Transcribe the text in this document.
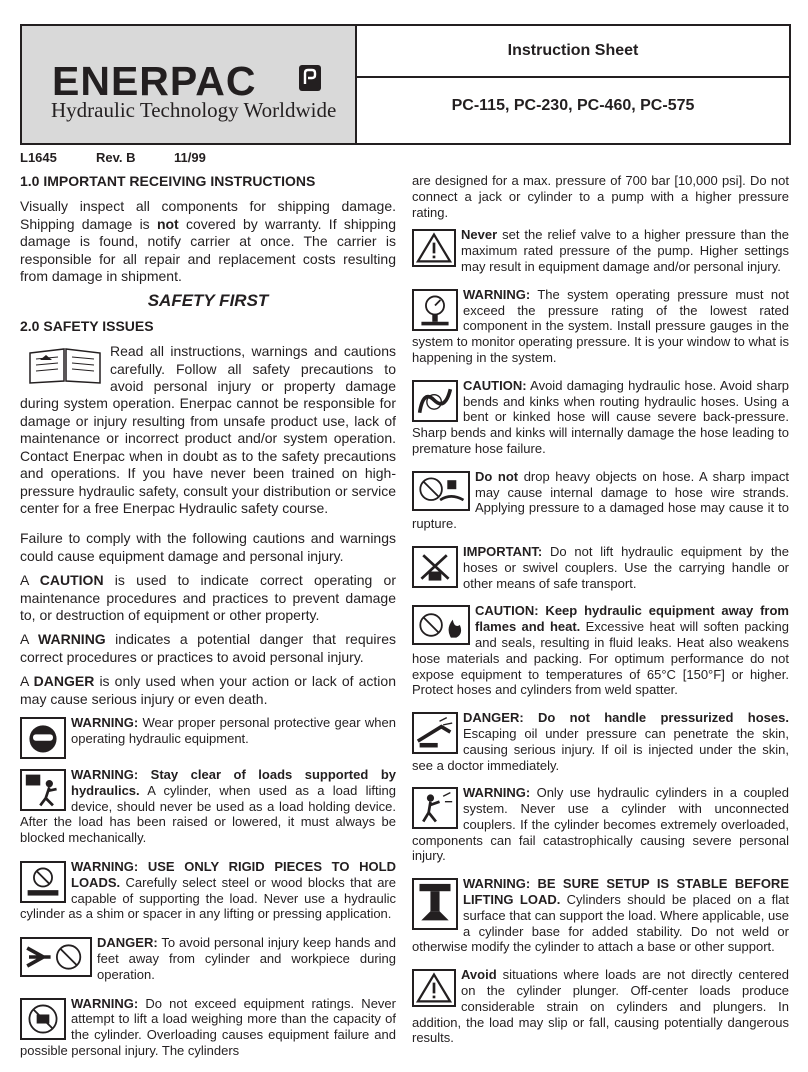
ENERPAC
Hydraulic Technology Worldwide
Instruction Sheet
PC-115, PC-230, PC-460, PC-575
L1645	Rev. B	11/99
1.0 IMPORTANT RECEIVING INSTRUCTIONS

Visually inspect all components for shipping damage. Shipping damage is not covered by warranty. If shipping damage is found, notify carrier at once. The carrier is responsible for all repair and replacement costs resulting from damage in shipment.

SAFETY FIRST
2.0 SAFETY ISSUES

Read all instructions, warnings and cautions carefully. Follow all safety precautions to avoid personal injury or property damage during system operation. Enerpac cannot be responsible for damage or injury resulting from unsafe product use, lack of maintenance or incorrect product and/or system operation. Contact Enerpac when in doubt as to the safety precautions and operations. If you have never been trained on high-pressure hydraulic safety, consult your distribution or service center for a free Enerpac Hydraulic safety course.

Failure to comply with the following cautions and warnings could cause equipment damage and personal injury.

A CAUTION is used to indicate correct operating or maintenance procedures and practices to prevent damage to, or destruction of equipment or other property.

A WARNING indicates a potential danger that requires correct procedures or practices to avoid personal injury.

A DANGER is only used when your action or lack of action may cause serious injury or even death.

WARNING: Wear proper personal protective gear when operating hydraulic equipment.

WARNING: Stay clear of loads supported by hydraulics. A cylinder, when used as a load lifting device, should never be used as a load holding device. After the load has been raised or lowered, it must always be blocked mechanically.

WARNING: USE ONLY RIGID PIECES TO HOLD LOADS. Carefully select steel or wood blocks that are capable of supporting the load. Never use a hydraulic cylinder as a shim or spacer in any lifting or pressing application.

DANGER: To avoid personal injury keep hands and feet away from cylinder and workpiece during operation.

WARNING: Do not exceed equipment ratings. Never attempt to lift a load weighing more than the capacity of the cylinder. Overloading causes equipment failure and possible personal injury. The cylinders

are designed for a max. pressure of 700 bar [10,000 psi]. Do not connect a jack or cylinder to a pump with a higher pressure rating.

Never set the relief valve to a higher pressure than the maximum rated pressure of the pump. Higher settings may result in equipment damage and/or personal injury.

WARNING: The system operating pressure must not exceed the pressure rating of the lowest rated component in the system. Install pressure gauges in the system to monitor operating pressure. It is your window to what is happening in the system.

CAUTION: Avoid damaging hydraulic hose. Avoid sharp bends and kinks when routing hydraulic hoses. Using a bent or kinked hose will cause severe back-pressure. Sharp bends and kinks will internally damage the hose leading to premature hose failure.

Do not drop heavy objects on hose. A sharp impact may cause internal damage to hose wire strands. Applying pressure to a damaged hose may cause it to rupture.

IMPORTANT: Do not lift hydraulic equipment by the hoses or swivel couplers. Use the carrying handle or other means of safe transport.

CAUTION: Keep hydraulic equipment away from flames and heat. Excessive heat will soften packing and seals, resulting in fluid leaks. Heat also weakens hose materials and packing. For optimum performance do not expose equipment to temperatures of 65°C [150°F] or higher. Protect hoses and cylinders from weld spatter.

DANGER: Do not handle pressurized hoses. Escaping oil under pressure can penetrate the skin, causing serious injury. If oil is injected under the skin, see a doctor immediately.

WARNING: Only use hydraulic cylinders in a coupled system. Never use a cylinder with unconnected couplers. If the cylinder becomes extremely overloaded, components can fail catastrophically causing severe personal injury.

WARNING: BE SURE SETUP IS STABLE BEFORE LIFTING LOAD. Cylinders should be placed on a flat surface that can support the load. Where applicable, use a cylinder base for added stability. Do not weld or otherwise modify the cylinder to attach a base or other support.

Avoid situations where loads are not directly centered on the cylinder plunger. Off-center loads produce considerable strain on cylinders and plungers. In addition, the load may slip or fall, causing potentially dangerous results.
